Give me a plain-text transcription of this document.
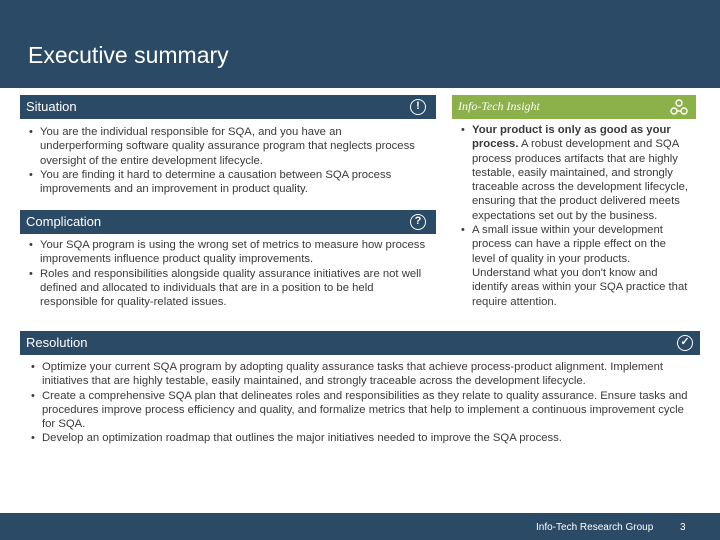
Executive summary
Situation	!
• You are the individual responsible for SQA, and you have an underperforming software quality assurance program that neglects process oversight of the entire development lifecycle.
• You are finding it hard to determine a causation between SQA process improvements and an improvement in product quality.
Complication	?
• Your SQA program is using the wrong set of metrics to measure how process improvements influence product quality improvements.
• Roles and responsibilities alongside quality assurance initiatives are not well defined and allocated to individuals that are in a position to be held responsible for quality-related issues.
Info-Tech Insight
• Your product is only as good as your process. A robust development and SQA process produces artifacts that are highly testable, easily maintained, and strongly traceable across the development lifecycle, ensuring that the product delivered meets expectations set out by the business.
• A small issue within your development process can have a ripple effect on the level of quality in your products. Understand what you don't know and identify areas within your SQA practice that require attention.
Resolution	✓
• Optimize your current SQA program by adopting quality assurance tasks that achieve process-product alignment. Implement initiatives that are highly testable, easily maintained, and strongly traceable across the development lifecycle.
• Create a comprehensive SQA plan that delineates roles and responsibilities as they relate to quality assurance. Ensure tasks and procedures improve process efficiency and quality, and formalize metrics that help to implement a continuous improvement cycle for SQA.
• Develop an optimization roadmap that outlines the major initiatives needed to improve the SQA process.
Info-Tech Research Group	3
